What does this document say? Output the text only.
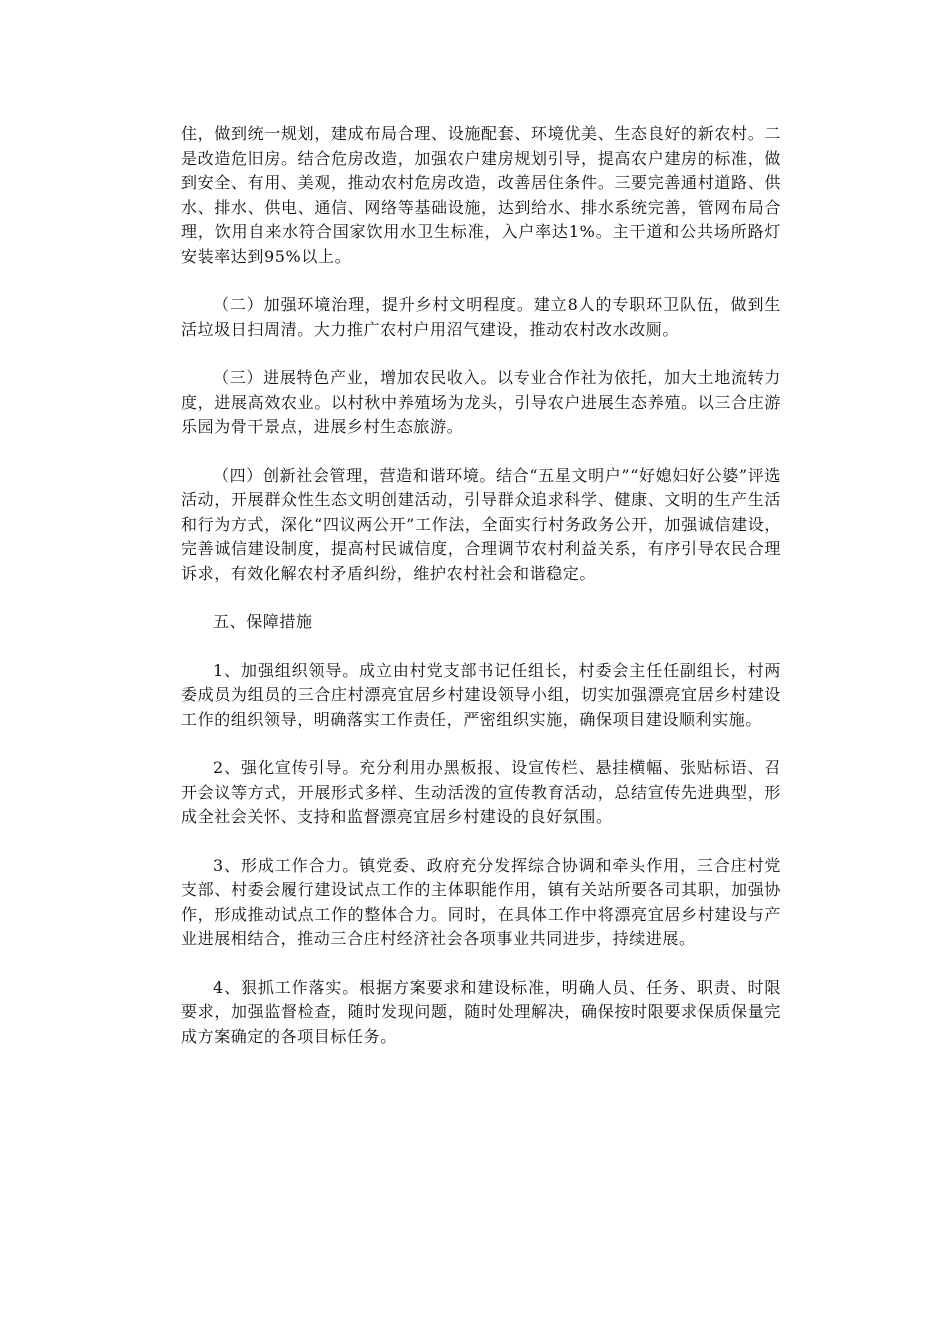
住，做到统一规划，建成布局合理、设施配套、环境优美、生态良好的新农村。二是改造危旧房。结合危房改造，加强农户建房规划引导，提高农户建房的标准，做到安全、有用、美观，推动农村危房改造，改善居住条件。三要完善通村道路、供水、排水、供电、通信、网络等基础设施，达到给水、排水系统完善，管网布局合理，饮用自来水符合国家饮用水卫生标准，入户率达1%。主干道和公共场所路灯安装率达到95%以上。

（二）加强环境治理，提升乡村文明程度。建立8人的专职环卫队伍，做到生活垃圾日扫周清。大力推广农村户用沼气建设，推动农村改水改厕。

（三）进展特色产业，增加农民收入。以专业合作社为依托，加大土地流转力度，进展高效农业。以村秋中养殖场为龙头，引导农户进展生态养殖。以三合庄游乐园为骨干景点，进展乡村生态旅游。

（四）创新社会管理，营造和谐环境。结合“五星文明户”“好媳妇好公婆”评选活动，开展群众性生态文明创建活动，引导群众追求科学、健康、文明的生产生活和行为方式，深化“四议两公开”工作法，全面实行村务政务公开，加强诚信建设，完善诚信建设制度，提高村民诚信度，合理调节农村利益关系，有序引导农民合理诉求，有效化解农村矛盾纠纷，维护农村社会和谐稳定。

五、保障措施

1、加强组织领导。成立由村党支部书记任组长，村委会主任任副组长，村两委成员为组员的三合庄村漂亮宜居乡村建设领导小组，切实加强漂亮宜居乡村建设工作的组织领导，明确落实工作责任，严密组织实施，确保项目建设顺利实施。

2、强化宣传引导。充分利用办黑板报、设宣传栏、悬挂横幅、张贴标语、召开会议等方式，开展形式多样、生动活泼的宣传教育活动，总结宣传先进典型，形成全社会关怀、支持和监督漂亮宜居乡村建设的良好氛围。

3、形成工作合力。镇党委、政府充分发挥综合协调和牵头作用，三合庄村党支部、村委会履行建设试点工作的主体职能作用，镇有关站所要各司其职，加强协作，形成推动试点工作的整体合力。同时，在具体工作中将漂亮宜居乡村建设与产业进展相结合，推动三合庄村经济社会各项事业共同进步，持续进展。

4、狠抓工作落实。根据方案要求和建设标准，明确人员、任务、职责、时限要求，加强监督检查，随时发现问题，随时处理解决，确保按时限要求保质保量完成方案确定的各项目标任务。
